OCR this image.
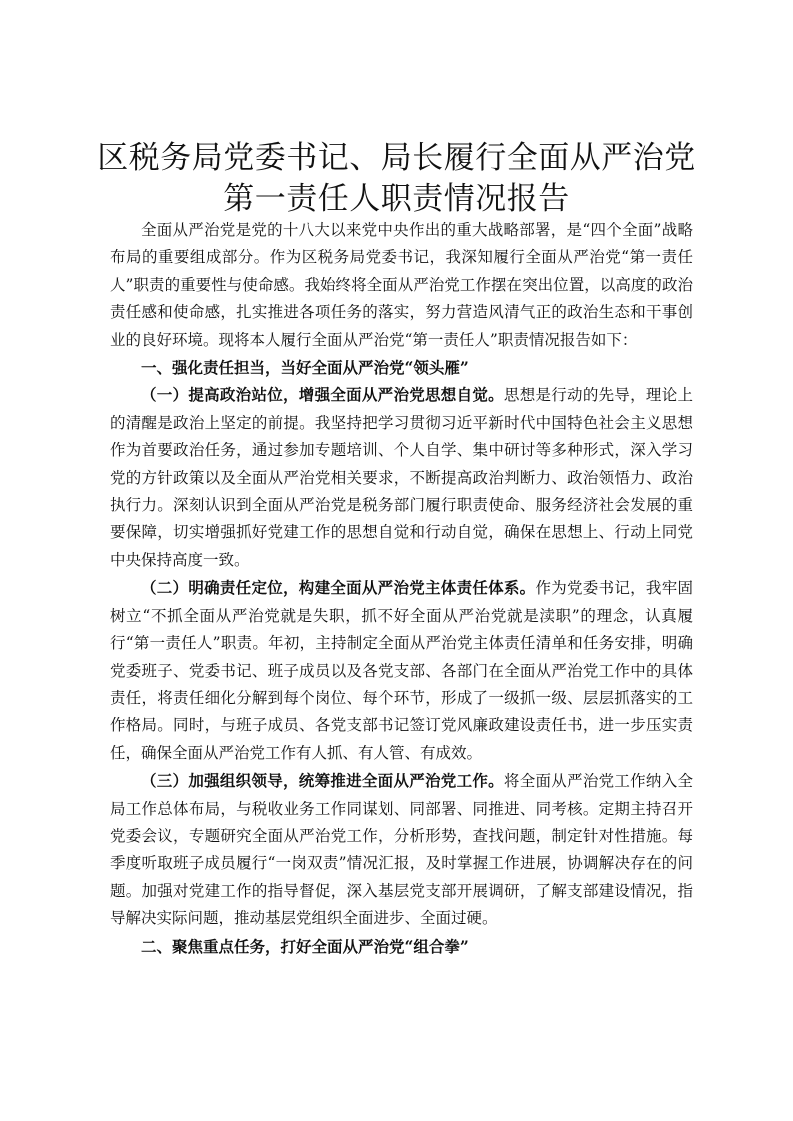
区税务局党委书记、局长履行全面从严治党第一责任人职责情况报告

全面从严治党是党的十八大以来党中央作出的重大战略部署，是“四个全面”战略布局的重要组成部分。作为区税务局党委书记，我深知履行全面从严治党“第一责任人”职责的重要性与使命感。我始终将全面从严治党工作摆在突出位置，以高度的政治责任感和使命感，扎实推进各项任务的落实，努力营造风清气正的政治生态和干事创业的良好环境。现将本人履行全面从严治党“第一责任人”职责情况报告如下：

一、强化责任担当，当好全面从严治党“领头雁”

（一）提高政治站位，增强全面从严治党思想自觉。思想是行动的先导，理论上的清醒是政治上坚定的前提。我坚持把学习贯彻习近平新时代中国特色社会主义思想作为首要政治任务，通过参加专题培训、个人自学、集中研讨等多种形式，深入学习党的方针政策以及全面从严治党相关要求，不断提高政治判断力、政治领悟力、政治执行力。深刻认识到全面从严治党是税务部门履行职责使命、服务经济社会发展的重要保障，切实增强抓好党建工作的思想自觉和行动自觉，确保在思想上、行动上同党中央保持高度一致。

（二）明确责任定位，构建全面从严治党主体责任体系。作为党委书记，我牢固树立“不抓全面从严治党就是失职，抓不好全面从严治党就是渎职”的理念，认真履行“第一责任人”职责。年初，主持制定全面从严治党主体责任清单和任务安排，明确党委班子、党委书记、班子成员以及各党支部、各部门在全面从严治党工作中的具体责任，将责任细化分解到每个岗位、每个环节，形成了一级抓一级、层层抓落实的工作格局。同时，与班子成员、各党支部书记签订党风廉政建设责任书，进一步压实责任，确保全面从严治党工作有人抓、有人管、有成效。

（三）加强组织领导，统筹推进全面从严治党工作。将全面从严治党工作纳入全局工作总体布局，与税收业务工作同谋划、同部署、同推进、同考核。定期主持召开党委会议，专题研究全面从严治党工作，分析形势，查找问题，制定针对性措施。每季度听取班子成员履行“一岗双责”情况汇报，及时掌握工作进展，协调解决存在的问题。加强对党建工作的指导督促，深入基层党支部开展调研，了解支部建设情况，指导解决实际问题，推动基层党组织全面进步、全面过硬。

二、聚焦重点任务，打好全面从严治党“组合拳”
